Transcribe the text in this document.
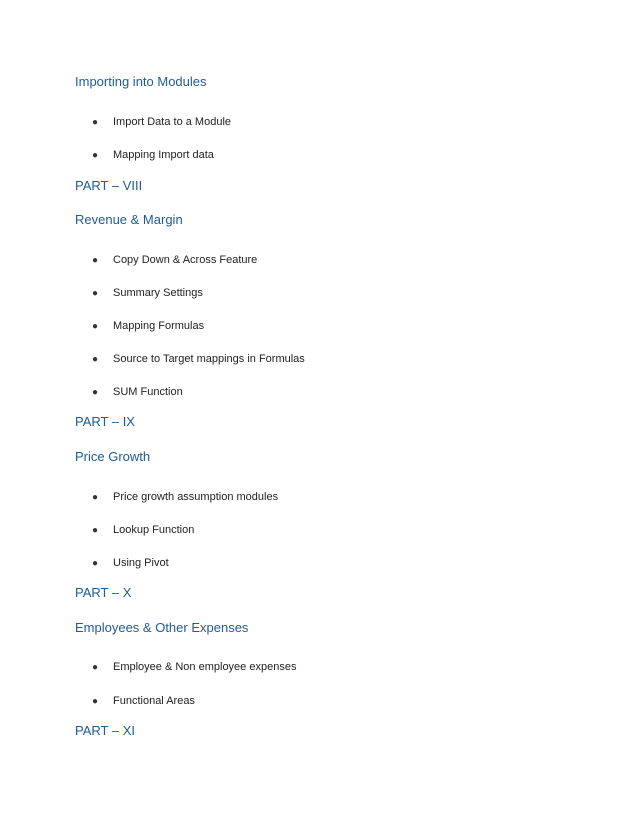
Importing into Modules
● Import Data to a Module
● Mapping Import data
PART – VIII
Revenue & Margin
● Copy Down & Across Feature
● Summary Settings
● Mapping Formulas
● Source to Target mappings in Formulas
● SUM Function
PART – IX
Price Growth
● Price growth assumption modules
● Lookup Function
● Using Pivot
PART – X
Employees & Other Expenses
● Employee & Non employee expenses
● Functional Areas
PART – XI
